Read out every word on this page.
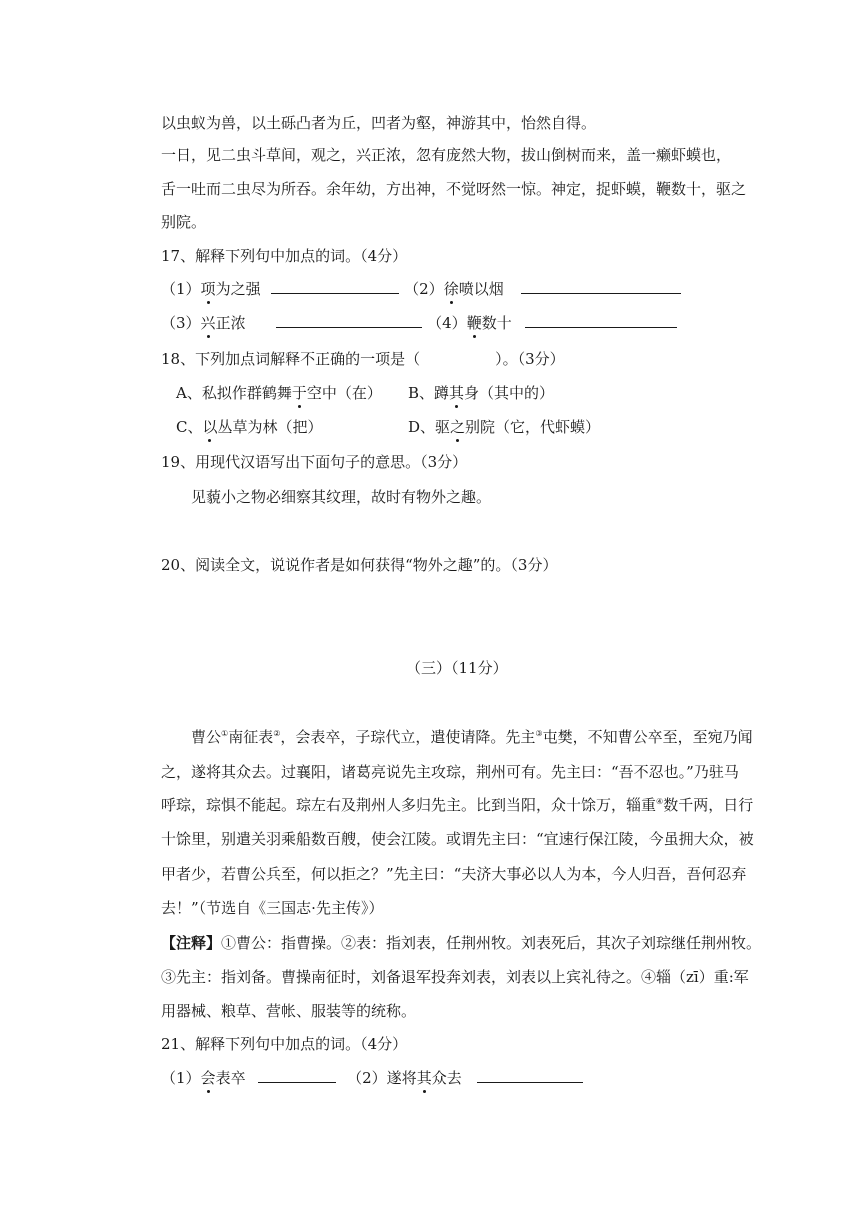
以虫蚁为兽，以土砾凸者为丘，凹者为壑，神游其中，怡然自得。
一日，见二虫斗草间，观之，兴正浓，忽有庞然大物，拔山倒树而来，盖一癞虾蟆也，
舌一吐而二虫尽为所吞。余年幼，方出神，不觉呀然一惊。神定，捉虾蟆，鞭数十，驱之
别院。
17、解释下列句中加点的词。（4分）
（1）项为之强	（2）徐喷以烟
（3）兴正浓	（4）鞭数十
18、下列加点词解释不正确的一项是（　　　　　）。（3分）
A、私拟作群鹤舞于空中（在） B、蹲其身（其中的）
C、以丛草为林（把）	D、驱之别院（它，代虾蟆）
19、用现代汉语写出下面句子的意思。（3分）
见藐小之物必细察其纹理，故时有物外之趣。
20、阅读全文，说说作者是如何获得“物外之趣”的。（3分）
（三）（11分）
曹公①南征表②，会表卒，子琮代立，遣使请降。先主③屯樊，不知曹公卒至，至宛乃闻
之，遂将其众去。过襄阳，诸葛亮说先主攻琮，荆州可有。先主曰：“吾不忍也。”乃驻马
呼琮，琮惧不能起。琮左右及荆州人多归先主。比到当阳，众十馀万，辎重④数千两，日行
十馀里，别遣关羽乘船数百艘，使会江陵。或谓先主曰：“宜速行保江陵，今虽拥大众，被
甲者少，若曹公兵至，何以拒之？”先主曰：“夫济大事必以人为本，今人归吾，吾何忍弃
去！”（节选自《三国志·先主传》）
【注释】①曹公：指曹操。②表：指刘表，任荆州牧。刘表死后，其次子刘琮继任荆州牧。
③先主：指刘备。曹操南征时，刘备退军投奔刘表，刘表以上宾礼待之。④辎（zī）重:军
用器械、粮草、营帐、服装等的统称。
21、解释下列句中加点的词。（4分）
（1）会表卒	（2）遂将其众去
